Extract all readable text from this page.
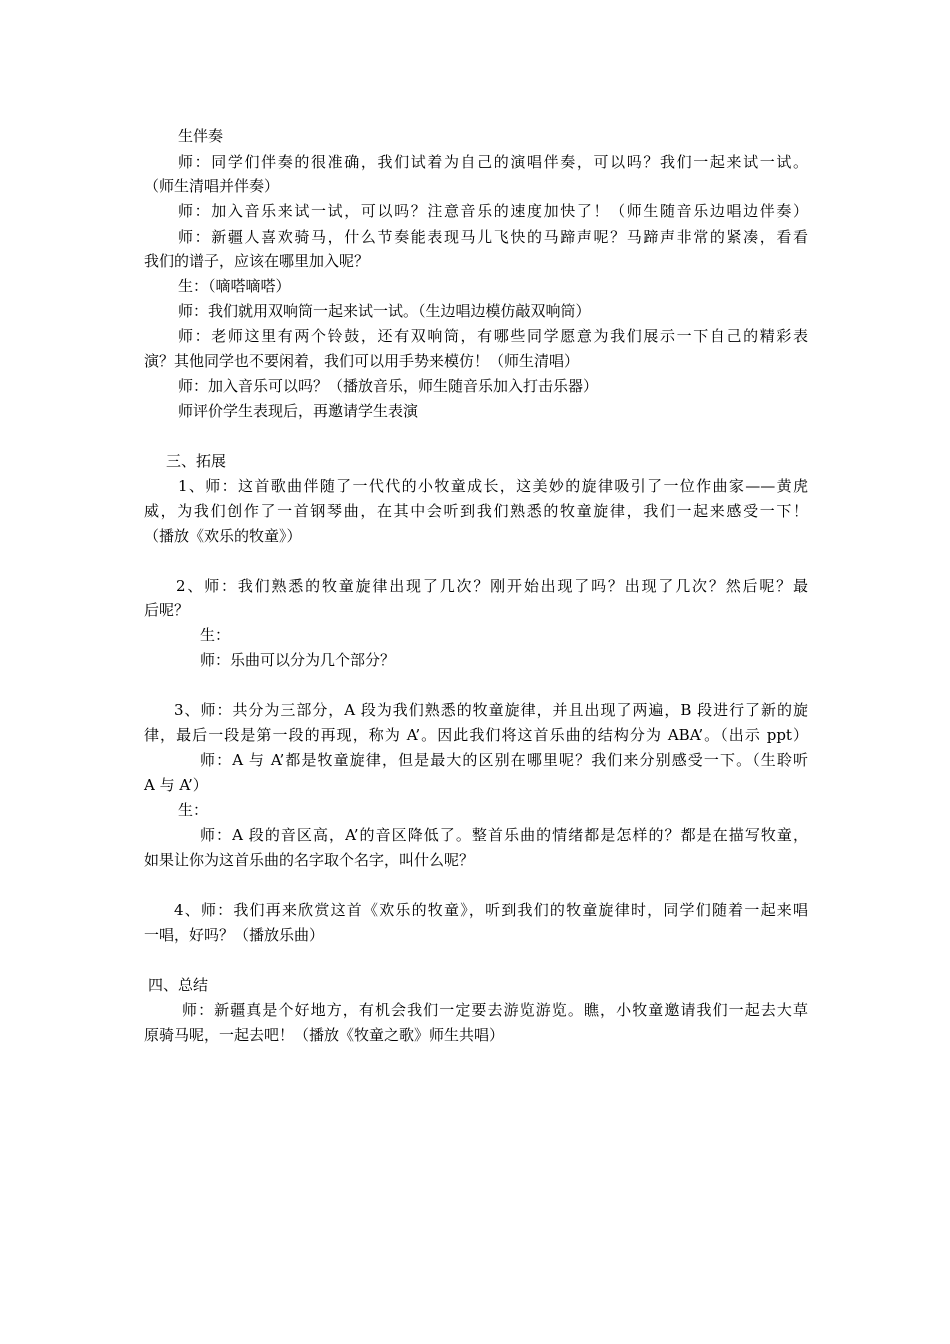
生伴奏
师：同学们伴奏的很准确，我们试着为自己的演唱伴奏，可以吗？我们一起来试一试。
（师生清唱并伴奏）
师：加入音乐来试一试，可以吗？注意音乐的速度加快了！（师生随音乐边唱边伴奏）
师：新疆人喜欢骑马，什么节奏能表现马儿飞快的马蹄声呢？马蹄声非常的紧凑，看看
我们的谱子，应该在哪里加入呢？
生：（嘀嗒嘀嗒）
师：我们就用双响筒一起来试一试。（生边唱边模仿敲双响筒）
师：老师这里有两个铃鼓，还有双响筒，有哪些同学愿意为我们展示一下自己的精彩表
演？其他同学也不要闲着，我们可以用手势来模仿！（师生清唱）
师：加入音乐可以吗？（播放音乐，师生随音乐加入打击乐器）
师评价学生表现后，再邀请学生表演
三、拓展
1、师：这首歌曲伴随了一代代的小牧童成长，这美妙的旋律吸引了一位作曲家——黄虎
威，为我们创作了一首钢琴曲，在其中会听到我们熟悉的牧童旋律，我们一起来感受一下！
（播放《欢乐的牧童》）
2、师：我们熟悉的牧童旋律出现了几次？刚开始出现了吗？出现了几次？然后呢？最
后呢？
生：
师：乐曲可以分为几个部分？
3、师：共分为三部分，A 段为我们熟悉的牧童旋律，并且出现了两遍，B 段进行了新的旋
律，最后一段是第一段的再现，称为 A’。因此我们将这首乐曲的结构分为 ABA’。（出示 ppt）
师：A 与 A’都是牧童旋律，但是最大的区别在哪里呢？我们来分别感受一下。（生聆听
A 与 A’）
生：
师：A 段的音区高，A’的音区降低了。整首乐曲的情绪都是怎样的？都是在描写牧童，
如果让你为这首乐曲的名字取个名字，叫什么呢？
4、师：我们再来欣赏这首《欢乐的牧童》，听到我们的牧童旋律时，同学们随着一起来唱
一唱，好吗？（播放乐曲）
四、总结
师：新疆真是个好地方，有机会我们一定要去游览游览。瞧，小牧童邀请我们一起去大草
原骑马呢，一起去吧！（播放《牧童之歌》师生共唱）
